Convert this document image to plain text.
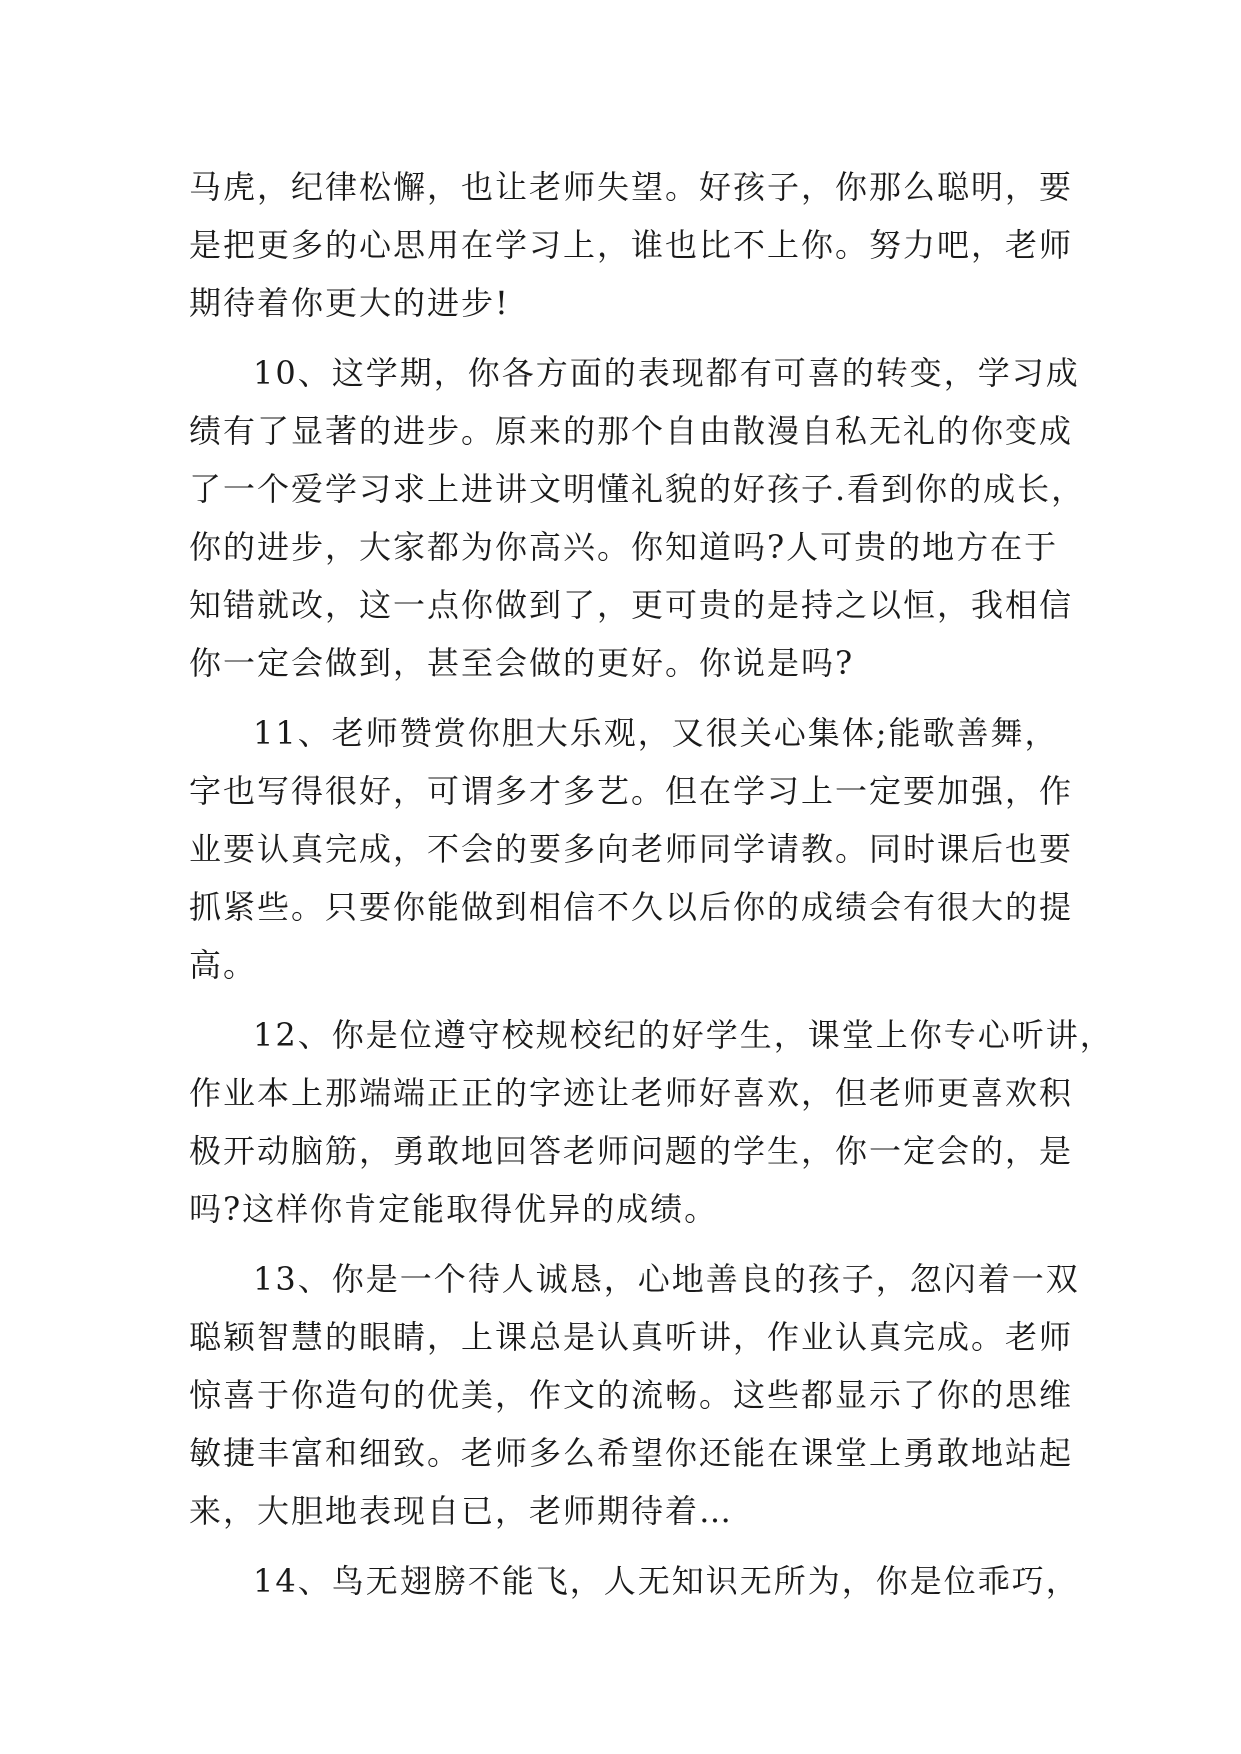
马虎，纪律松懈，也让老师失望。好孩子，你那么聪明，要
是把更多的心思用在学习上，谁也比不上你。努力吧，老师
期待着你更大的进步!
10、这学期，你各方面的表现都有可喜的转变，学习成
绩有了显著的进步。原来的那个自由散漫自私无礼的你变成
了一个爱学习求上进讲文明懂礼貌的好孩子.看到你的成长，
你的进步，大家都为你高兴。你知道吗?人可贵的地方在于
知错就改，这一点你做到了，更可贵的是持之以恒，我相信
你一定会做到，甚至会做的更好。你说是吗?
11、老师赞赏你胆大乐观，又很关心集体;能歌善舞，
字也写得很好，可谓多才多艺。但在学习上一定要加强，作
业要认真完成，不会的要多向老师同学请教。同时课后也要
抓紧些。只要你能做到相信不久以后你的成绩会有很大的提
高。
12、你是位遵守校规校纪的好学生，课堂上你专心听讲，
作业本上那端端正正的字迹让老师好喜欢，但老师更喜欢积
极开动脑筋，勇敢地回答老师问题的学生，你一定会的，是
吗?这样你肯定能取得优异的成绩。
13、你是一个待人诚恳，心地善良的孩子，忽闪着一双
聪颖智慧的眼睛，上课总是认真听讲，作业认真完成。老师
惊喜于你造句的优美，作文的流畅。这些都显示了你的思维
敏捷丰富和细致。老师多么希望你还能在课堂上勇敢地站起
来，大胆地表现自已，老师期待着…
14、鸟无翅膀不能飞，人无知识无所为，你是位乖巧，
